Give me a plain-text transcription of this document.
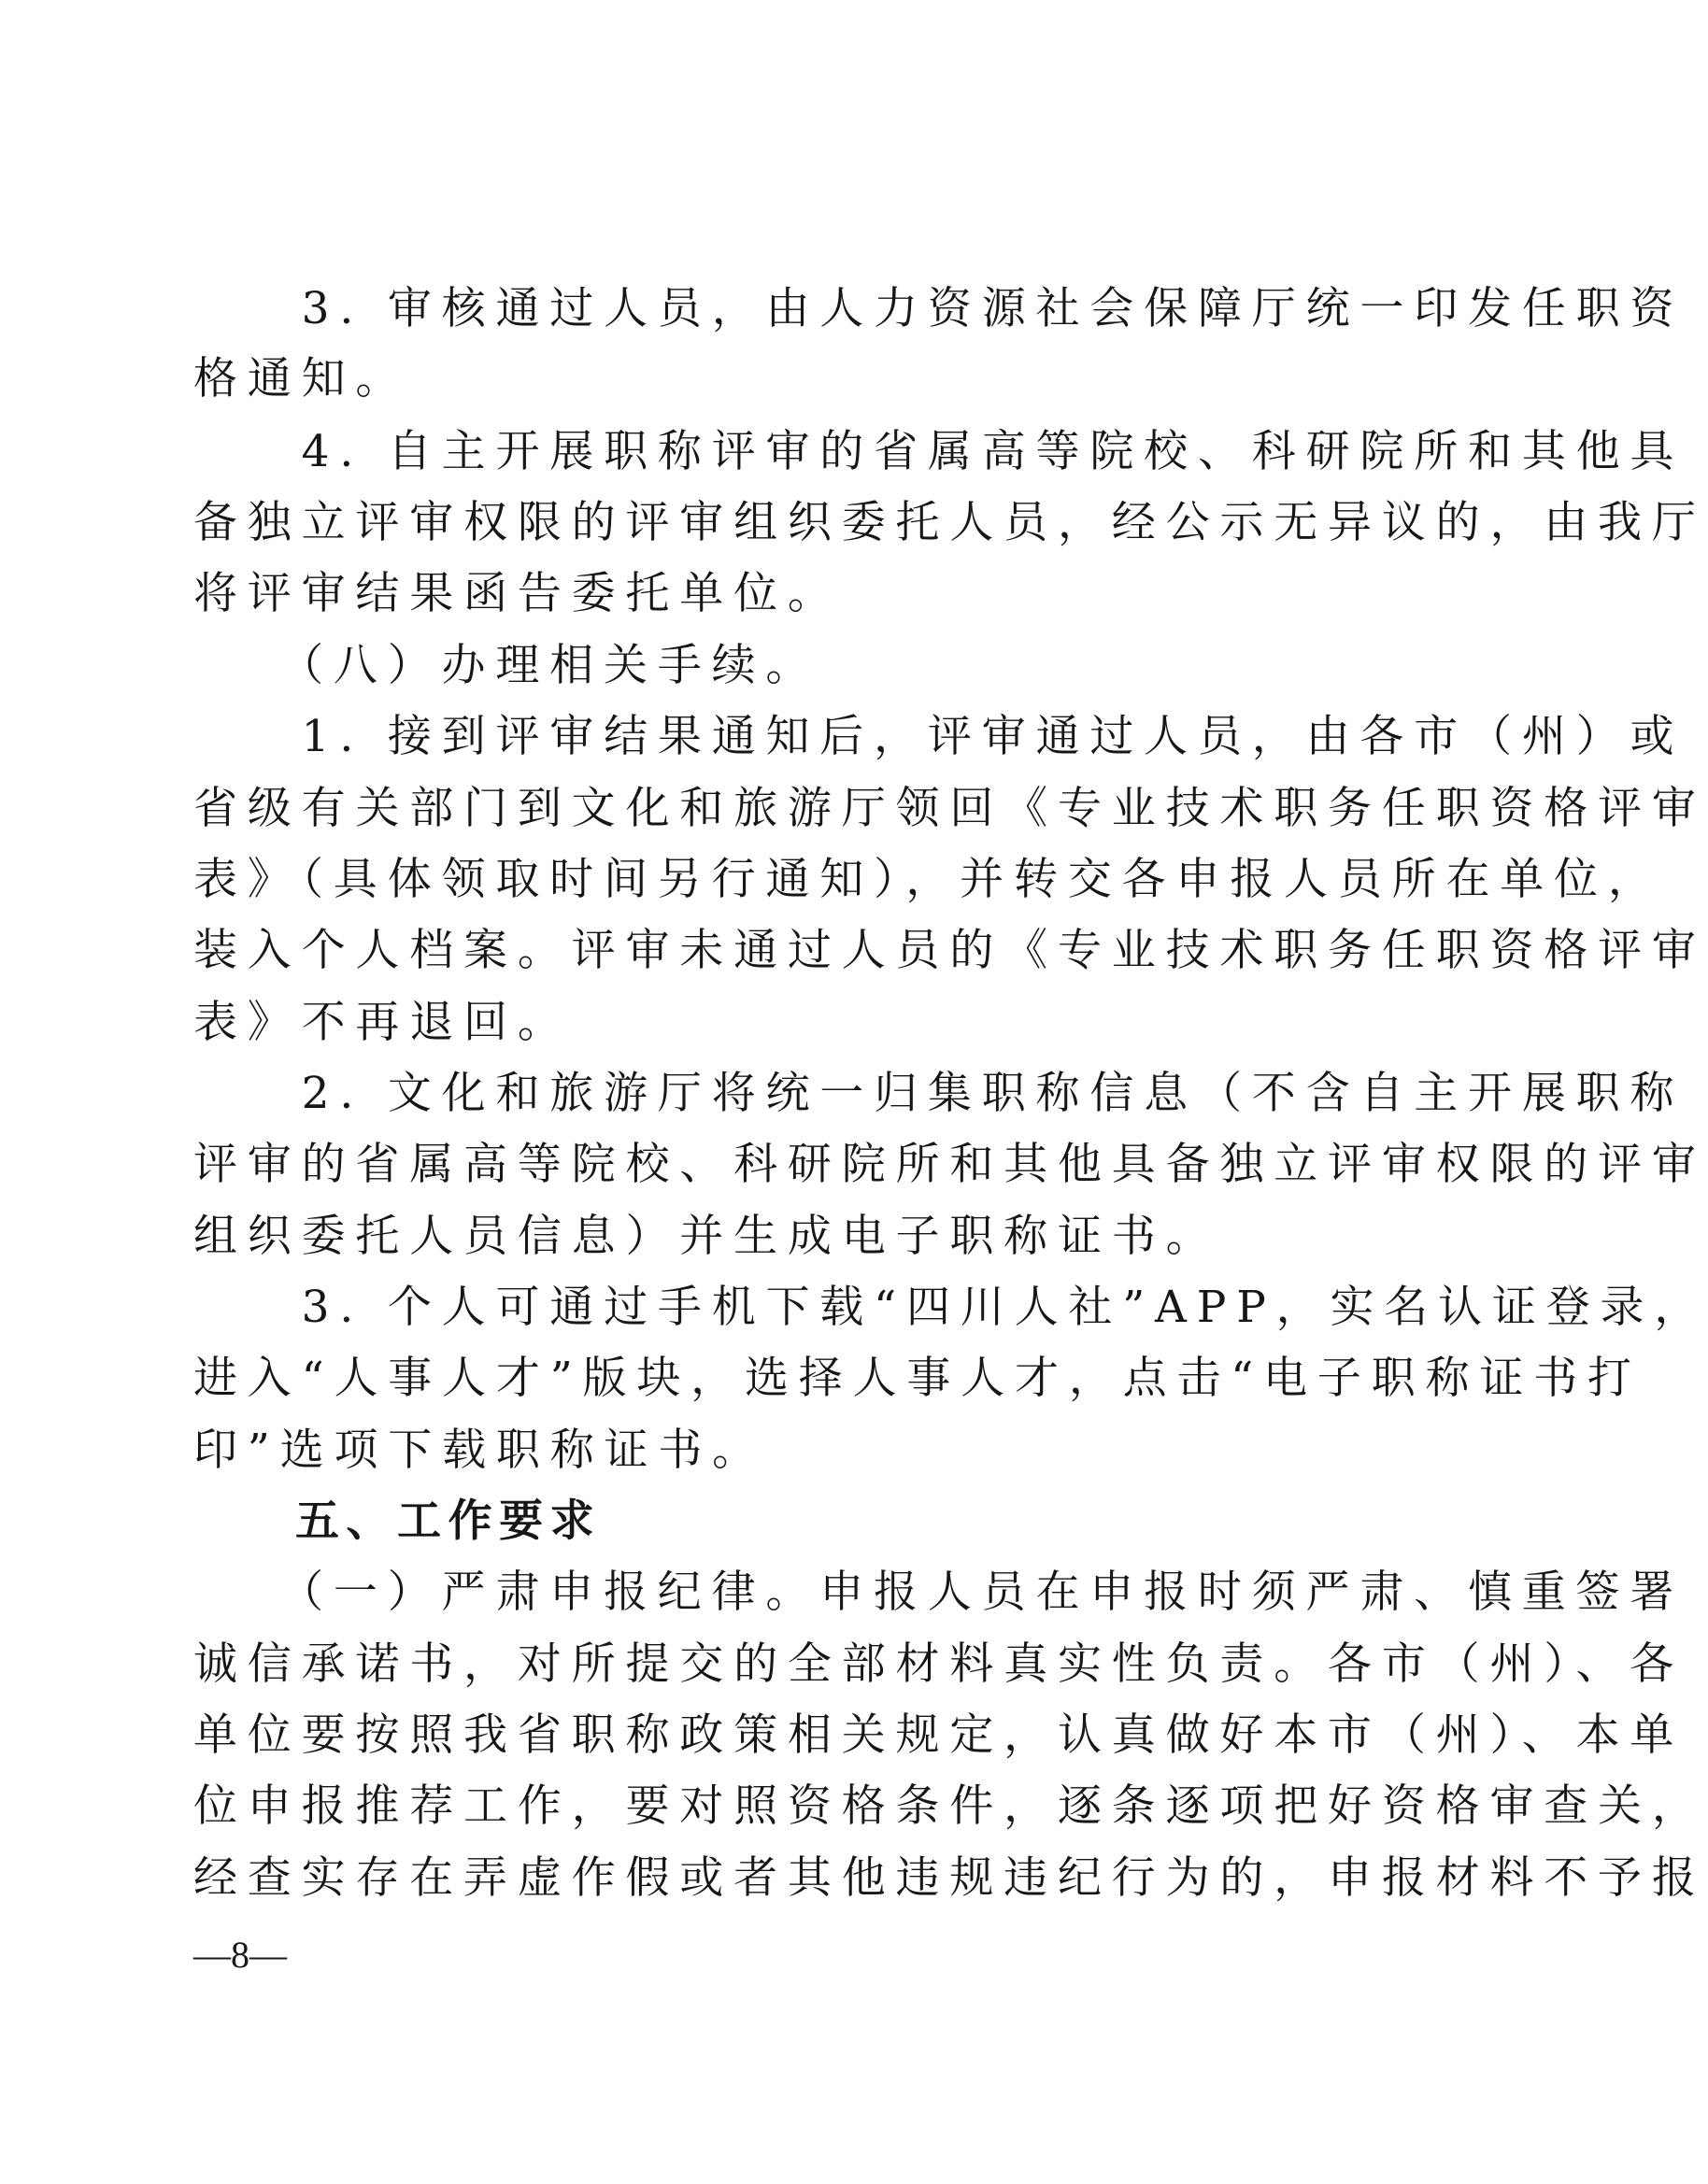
　　3. 审核通过人员，由人力资源社会保障厅统一印发任职资
格通知。
　　4. 自主开展职称评审的省属高等院校、科研院所和其他具
备独立评审权限的评审组织委托人员，经公示无异议的，由我厅
将评审结果函告委托单位。
　　（八）办理相关手续。
　　1. 接到评审结果通知后，评审通过人员，由各市（州）或
省级有关部门到文化和旅游厅领回《专业技术职务任职资格评审
表》（具体领取时间另行通知），并转交各申报人员所在单位，
装入个人档案。评审未通过人员的《专业技术职务任职资格评审
表》不再退回。
　　2. 文化和旅游厅将统一归集职称信息（不含自主开展职称
评审的省属高等院校、科研院所和其他具备独立评审权限的评审
组织委托人员信息）并生成电子职称证书。
　　3. 个人可通过手机下载“四川人社”APP，实名认证登录，
进入“人事人才”版块，选择人事人才，点击“电子职称证书打
印”选项下载职称证书。
　　五、工作要求
　　（一）严肃申报纪律。申报人员在申报时须严肃、慎重签署
诚信承诺书，对所提交的全部材料真实性负责。各市（州）、各
单位要按照我省职称政策相关规定，认真做好本市（州）、本单
位申报推荐工作，要对照资格条件，逐条逐项把好资格审查关，
经查实存在弄虚作假或者其他违规违纪行为的，申报材料不予报
—8—
